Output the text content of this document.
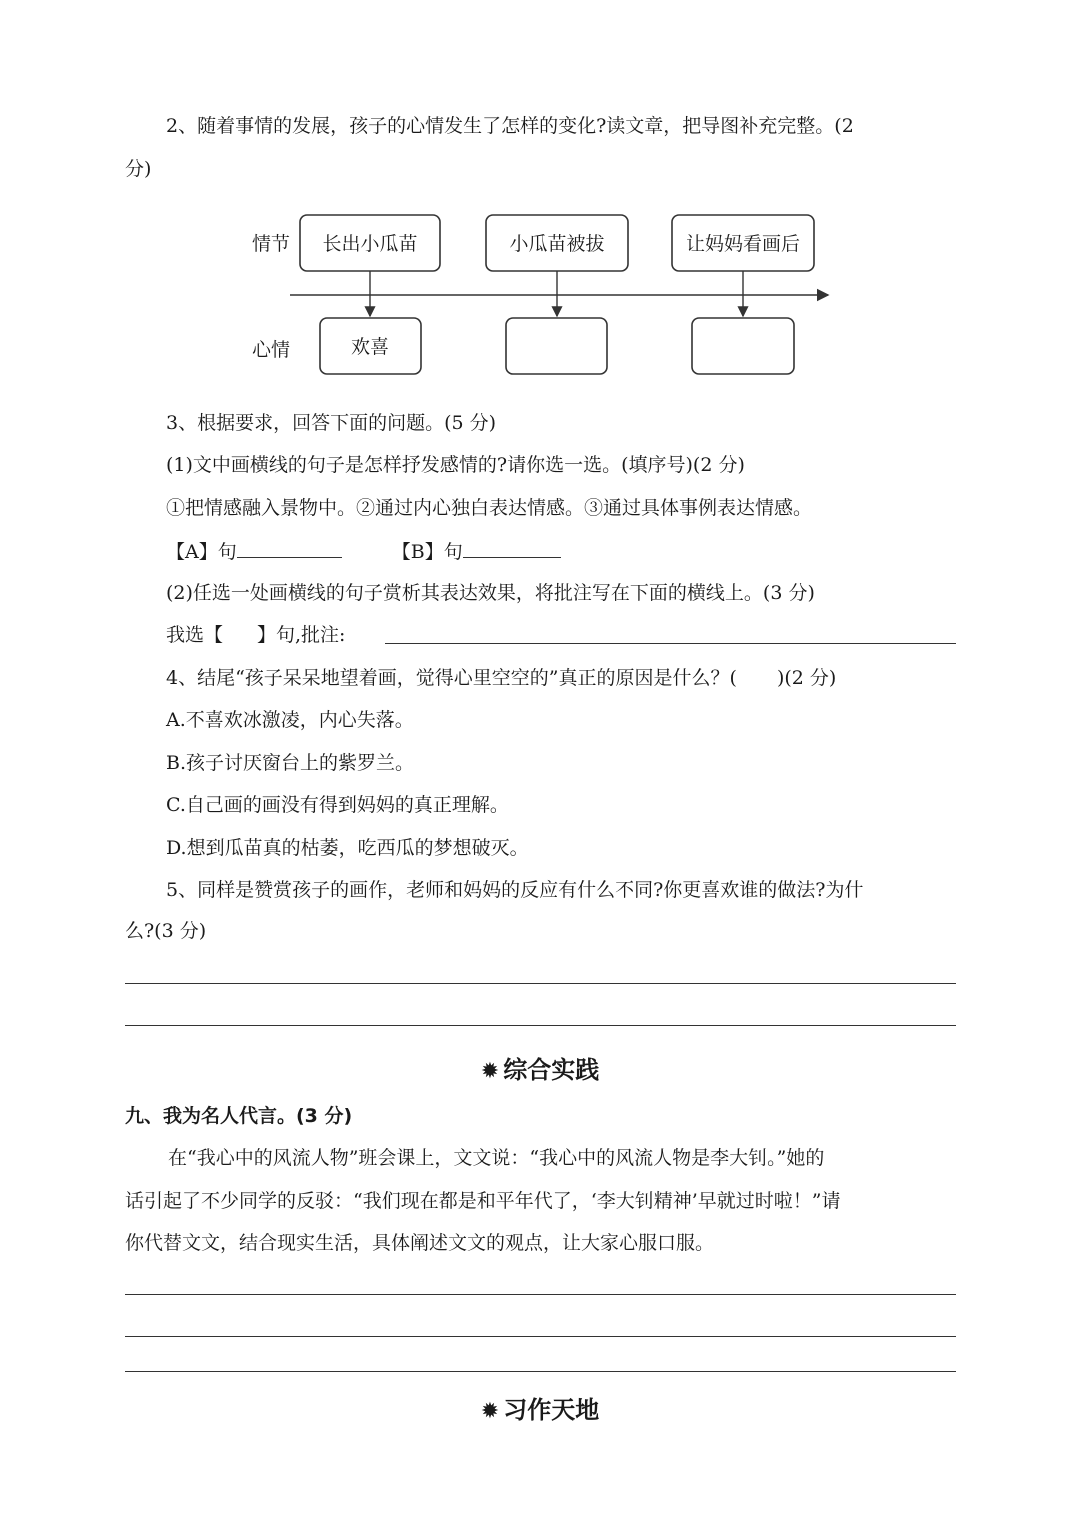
2、随着事情的发展，孩子的心情发生了怎样的变化?读文章，把导图补充完整。(2
分)
情节
心情
长出小瓜苗	小瓜苗被拔	让妈妈看画后
欢喜
3、根据要求，回答下面的问题。(5 分)
(1)文中画横线的句子是怎样抒发感情的?请你选一选。(填序号)(2 分)
①把情感融入景物中。②通过内心独白表达情感。③通过具体事例表达情感。
【A】句	【B】句
(2)任选一处画横线的句子赏析其表达效果，将批注写在下面的横线上。(3 分)
我选【 】句,批注:
4、结尾“孩子呆呆地望着画，觉得心里空空的”真正的原因是什么？( )(2 分)
A.不喜欢冰激凌，内心失落。
B.孩子讨厌窗台上的紫罗兰。
C.自己画的画没有得到妈妈的真正理解。
D.想到瓜苗真的枯萎，吃西瓜的梦想破灭。
5、同样是赞赏孩子的画作，老师和妈妈的反应有什么不同?你更喜欢谁的做法?为什
么?(3 分)
✹ 综合实践
九、我为名人代言。(3 分)
在“我心中的风流人物”班会课上，文文说：“我心中的风流人物是李大钊。”她的
话引起了不少同学的反驳：“我们现在都是和平年代了，‘李大钊精神’早就过时啦！”请
你代替文文，结合现实生活，具体阐述文文的观点，让大家心服口服。
✹ 习作天地
